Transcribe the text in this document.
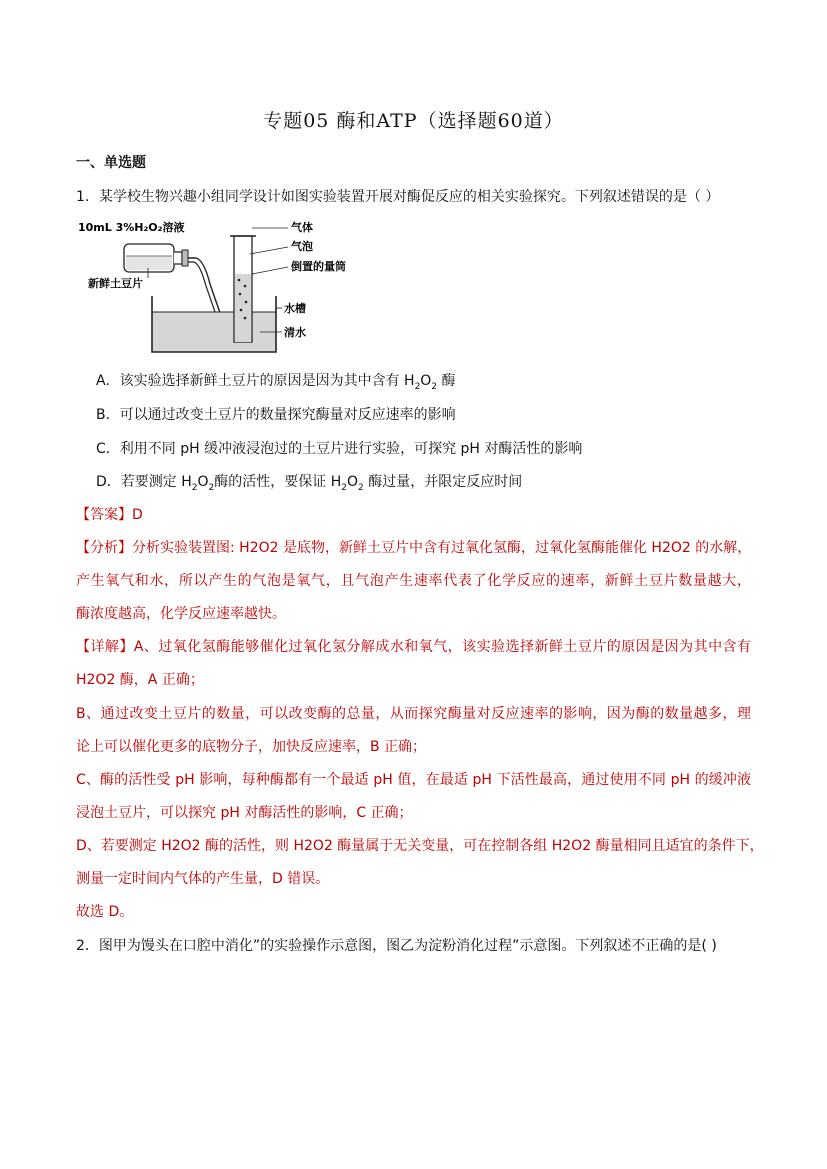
专题05 酶和ATP（选择题60道）
一、单选题
1．某学校生物兴趣小组同学设计如图实验装置开展对酶促反应的相关实验探究。下列叙述错误的是（ ）
10mL 3%H₂O₂溶液
新鲜土豆片
气体
气泡
倒置的量筒
水槽
清水
A．该实验选择新鲜土豆片的原因是因为其中含有 $H_2O_2$ 酶
B．可以通过改变土豆片的数量探究酶量对反应速率的影响
C．利用不同 pH 缓冲液浸泡过的土豆片进行实验，可探究 pH 对酶活性的影响
D．若要测定 $H_2O_2$酶的活性，要保证 $H_2O_2$ 酶过量，并限定反应时间
【答案】D
【分析】分析实验装置图: H2O2 是底物，新鲜土豆片中含有过氧化氢酶，过氧化氢酶能催化 H2O2 的水解，
产生氧气和水，所以产生的气泡是氧气，且气泡产生速率代表了化学反应的速率，新鲜土豆片数量越大，
酶浓度越高，化学反应速率越快。
【详解】A、过氧化氢酶能够催化过氧化氢分解成水和氧气，该实验选择新鲜土豆片的原因是因为其中含有
H2O2 酶，A 正确；
B、通过改变土豆片的数量，可以改变酶的总量，从而探究酶量对反应速率的影响，因为酶的数量越多，理
论上可以催化更多的底物分子，加快反应速率，B 正确；
C、酶的活性受 pH 影响，每种酶都有一个最适 pH 值，在最适 pH 下活性最高，通过使用不同 pH 的缓冲液
浸泡土豆片，可以探究 pH 对酶活性的影响，C 正确；
D、若要测定 H2O2 酶的活性，则 H2O2 酶量属于无关变量，可在控制各组 H2O2 酶量相同且适宜的条件下，
测量一定时间内气体的产生量，D 错误。
故选 D。
2．图甲为馒头在口腔中消化”的实验操作示意图，图乙为淀粉消化过程”示意图。下列叙述不正确的是( )
